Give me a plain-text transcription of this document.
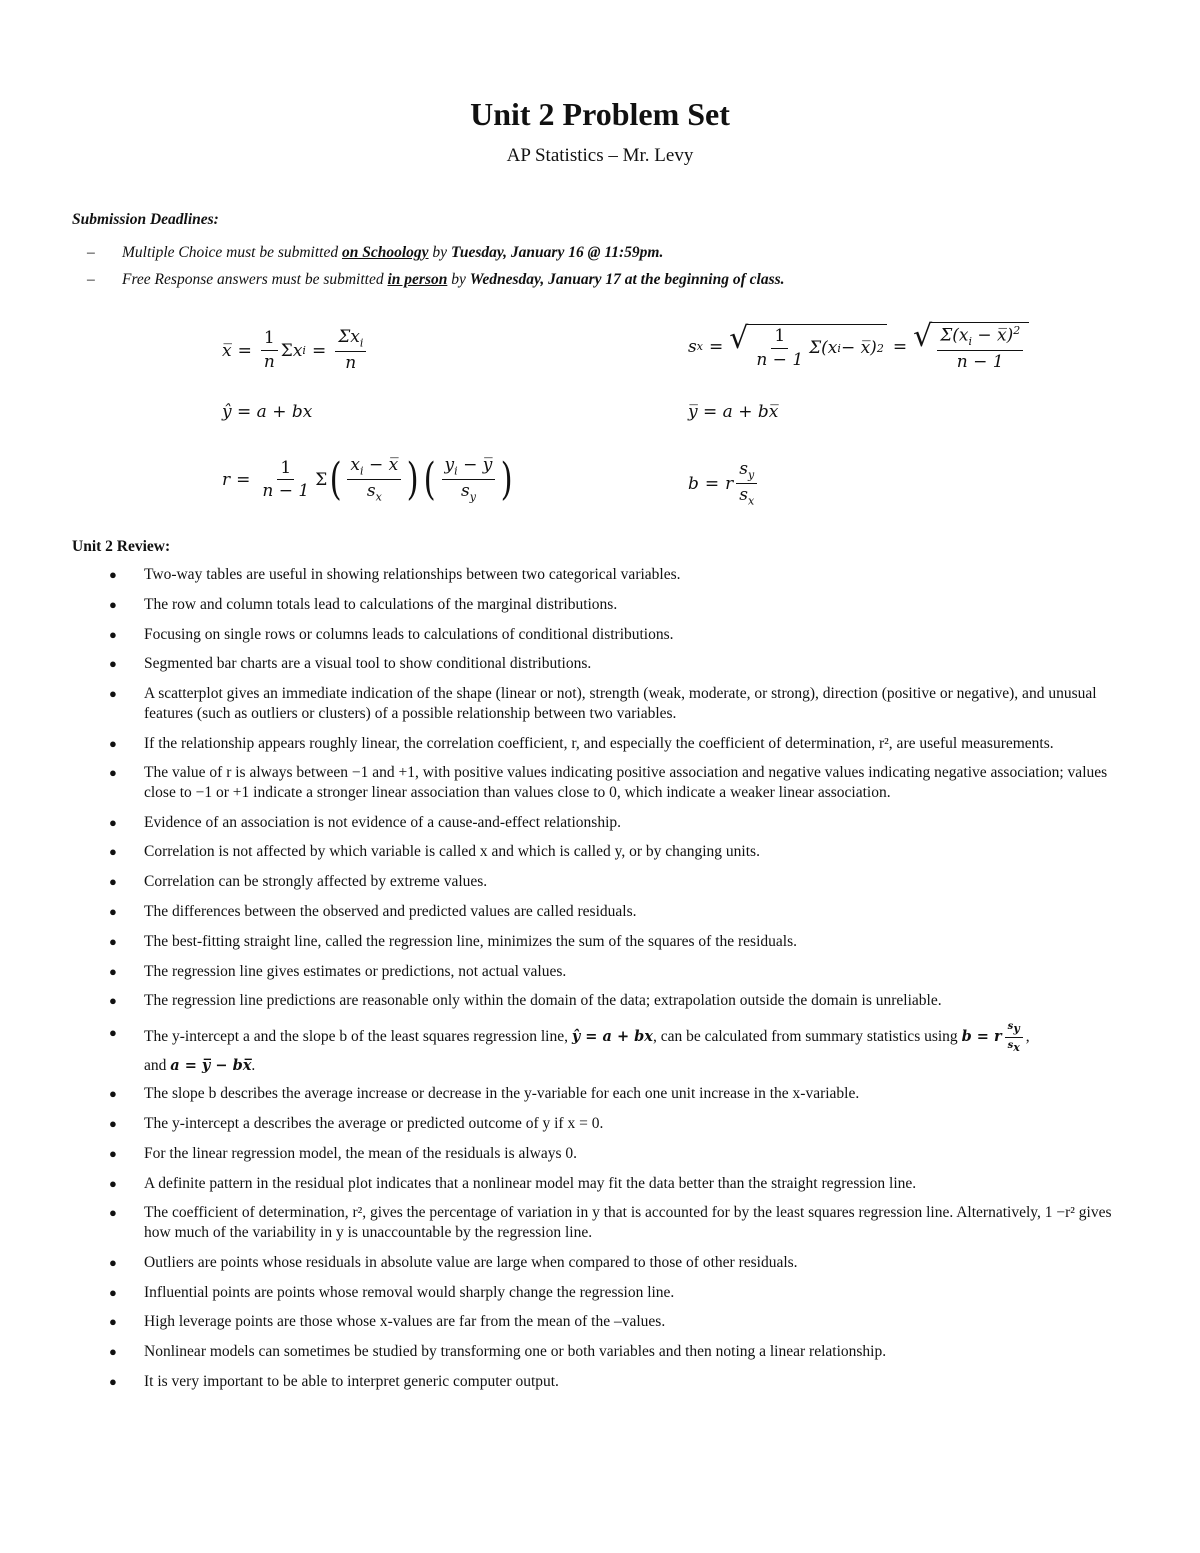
Unit 2 Problem Set

AP Statistics – Mr. Levy

Submission Deadlines:
– Multiple Choice must be submitted on Schoology by Tuesday, January 16 @ 11:59pm.
– Free Response answers must be submitted in person by Wednesday, January 17 at the beginning of class.
x̅ = $\frac{1}{n}$ Σ x $i = \frac{\Sigma x_i}{n}$	s x = √ $\frac{1}{n - 1} \Sigma(x$ i − x̅) 2 = √ $\frac{\Sigma(x_i - x̅)^2}{n - 1}$
ŷ = a + bx	y̅ = a + bx̅
$r = \frac{1}{n - 1}$ Σ ( $\frac{x_i - x̅}{s_x}$ ) ( $\frac{y_i - y̅}{s_y}$ )	b = r $\frac{s_y}{s_x}$
Unit 2 Review:
● Two-way tables are useful in showing relationships between two categorical variables.
● The row and column totals lead to calculations of the marginal distributions.
● Focusing on single rows or columns leads to calculations of conditional distributions.
● Segmented bar charts are a visual tool to show conditional distributions.
● A scatterplot gives an immediate indication of the shape (linear or not), strength (weak, moderate, or strong), direction (positive or negative), and unusual features (such as outliers or clusters) of a possible relationship between two variables.
● If the relationship appears roughly linear, the correlation coefficient, r, and especially the coefficient of determination, r², are useful measurements.
● The value of r is always between −1 and +1, with positive values indicating positive association and negative values indicating negative association; values close to −1 or +1 indicate a stronger linear association than values close to 0, which indicate a weaker linear association.
● Evidence of an association is not evidence of a cause-and-effect relationship.
● Correlation is not affected by which variable is called x and which is called y, or by changing units.
● Correlation can be strongly affected by extreme values.
● The differences between the observed and predicted values are called residuals.
● The best-fitting straight line, called the regression line, minimizes the sum of the squares of the residuals.
● The regression line gives estimates or predictions, not actual values.
● The regression line predictions are reasonable only within the domain of the data; extrapolation outside the domain is unreliable.
● The y-intercept a and the slope b of the least squares regression line, ŷ = a + bx, can be calculated from summary statistics using b = r $\frac{s_y}{s_x}$ ,
and a = y̅ − bx̅.
● The slope b describes the average increase or decrease in the y-variable for each one unit increase in the x-variable.
● The y-intercept a describes the average or predicted outcome of y if x = 0.
● For the linear regression model, the mean of the residuals is always 0.
● A definite pattern in the residual plot indicates that a nonlinear model may fit the data better than the straight regression line.
● The coefficient of determination, r², gives the percentage of variation in y that is accounted for by the least squares regression line. Alternatively, 1 −r² gives how much of the variability in y is unaccountable by the regression line.
● Outliers are points whose residuals in absolute value are large when compared to those of other residuals.
● Influential points are points whose removal would sharply change the regression line.
● High leverage points are those whose x-values are far from the mean of the –values.
● Nonlinear models can sometimes be studied by transforming one or both variables and then noting a linear relationship.
● It is very important to be able to interpret generic computer output.
